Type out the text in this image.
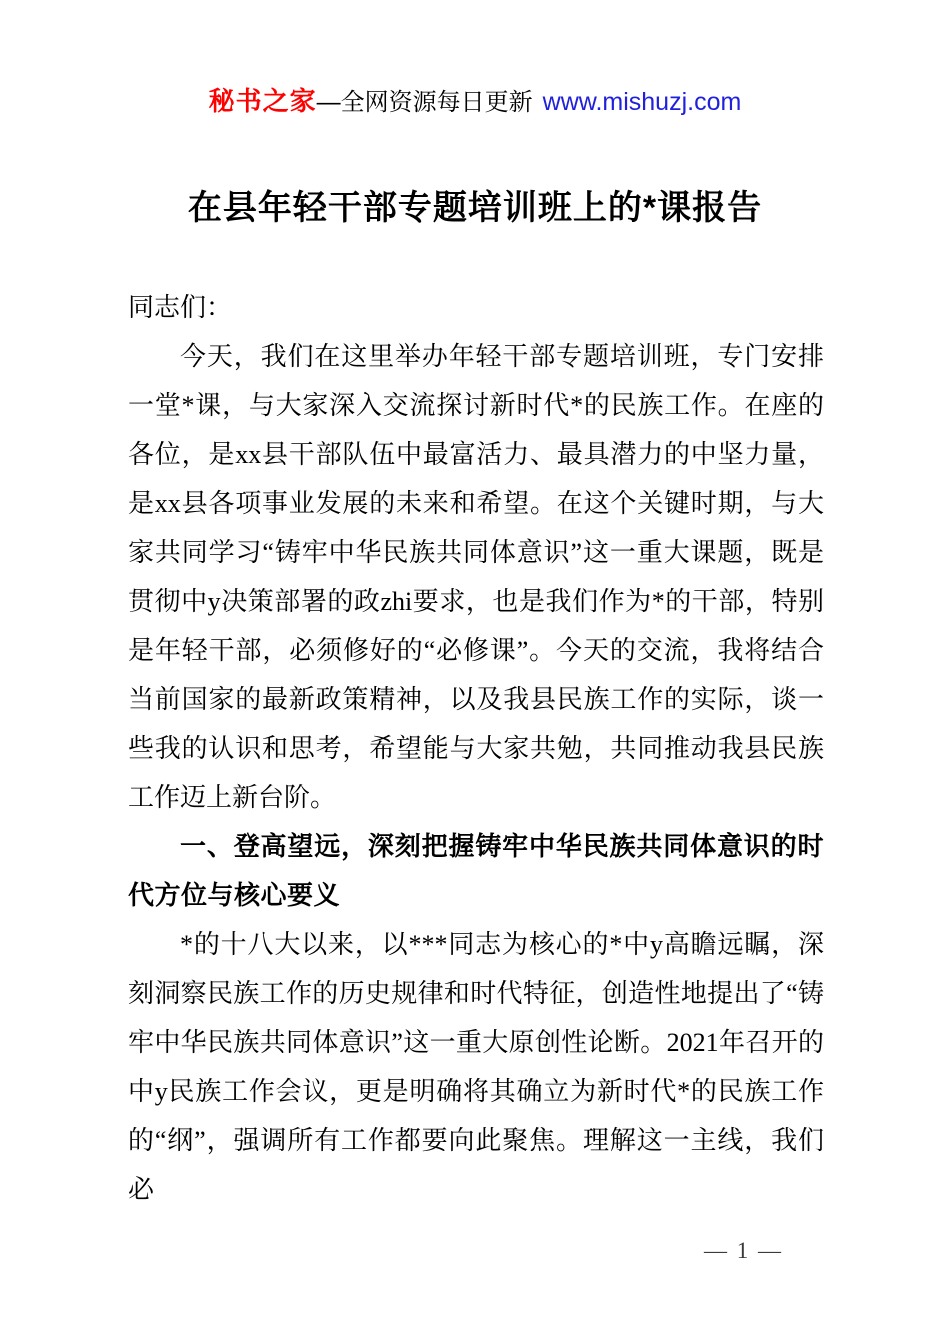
秘书之家—全网资源每日更新 www.mishuzj.com
在县年轻干部专题培训班上的*课报告

同志们：

今天，我们在这里举办年轻干部专题培训班，专门安排一堂*课，与大家深入交流探讨新时代*的民族工作。在座的各位，是xx县干部队伍中最富活力、最具潜力的中坚力量，是xx县各项事业发展的未来和希望。在这个关键时期，与大家共同学习“铸牢中华民族共同体意识”这一重大课题，既是贯彻中y决策部署的政zhi要求，也是我们作为*的干部，特别是年轻干部，必须修好的“必修课”。今天的交流，我将结合当前国家的最新政策精神，以及我县民族工作的实际，谈一些我的认识和思考，希望能与大家共勉，共同推动我县民族工作迈上新台阶。

一、登高望远，深刻把握铸牢中华民族共同体意识的时代方位与核心要义

*的十八大以来，以***同志为核心的*中y高瞻远瞩，深刻洞察民族工作的历史规律和时代特征，创造性地提出了“铸牢中华民族共同体意识”这一重大原创性论断。2021年召开的中y民族工作会议，更是明确将其确立为新时代*的民族工作的“纲”，强调所有工作都要向此聚焦。理解这一主线，我们必

— 1 —
